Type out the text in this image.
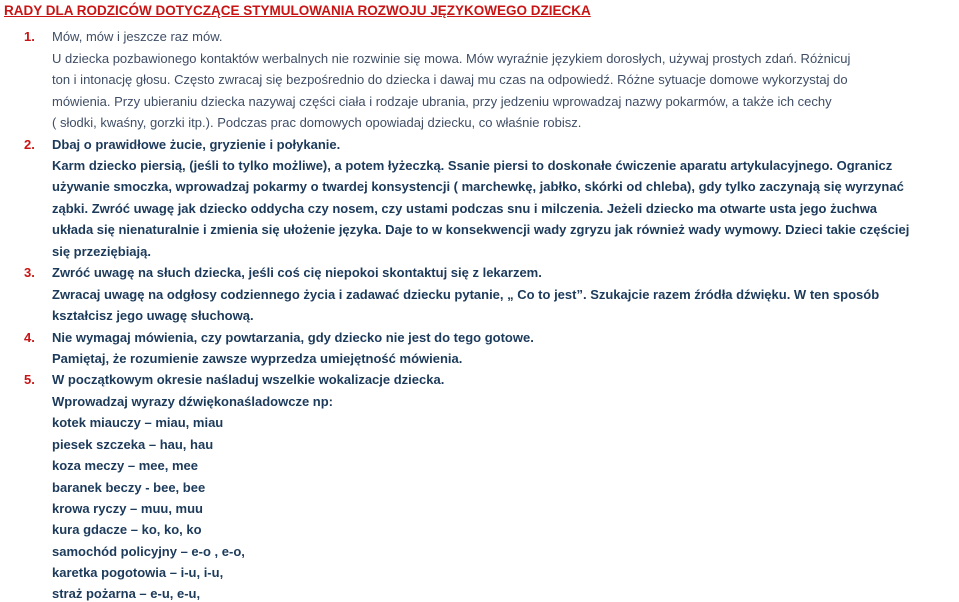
RADY DLA RODZICÓW DOTYCZĄCE STYMULOWANIA ROZWOJU JĘZYKOWEGO DZIECKA
1. Mów, mów i jeszcze raz mów.
U dziecka pozbawionego kontaktów werbalnych nie rozwinie się mowa. Mów wyraźnie językiem dorosłych, używaj prostych zdań. Różnicuj
ton i intonację głosu. Często zwracaj się bezpośrednio do dziecka i dawaj mu czas na odpowiedź. Różne sytuacje domowe wykorzystaj do
mówienia. Przy ubieraniu dziecka nazywaj części ciała i rodzaje ubrania, przy jedzeniu wprowadzaj nazwy pokarmów, a także ich cechy
( słodki, kwaśny, gorzki itp.). Podczas prac domowych opowiadaj dziecku, co właśnie robisz.
2. Dbaj o prawidłowe żucie, gryzienie i połykanie.
Karm dziecko piersią, (jeśli to tylko możliwe), a potem łyżeczką. Ssanie piersi to doskonałe ćwiczenie aparatu artykulacyjnego. Ogranicz
używanie smoczka, wprowadzaj pokarmy o twardej konsystencji ( marchewkę, jabłko, skórki od chleba), gdy tylko zaczynają się wyrzynać
ząbki. Zwróć uwagę jak dziecko oddycha czy nosem, czy ustami podczas snu i milczenia. Jeżeli dziecko ma otwarte usta jego żuchwa
układa się nienaturalnie i zmienia się ułożenie języka. Daje to w konsekwencji wady zgryzu jak również wady wymowy. Dzieci takie częściej
się przeziębiają.
3. Zwróć uwagę na słuch dziecka, jeśli coś cię niepokoi skontaktuj się z lekarzem.
Zwracaj uwagę na odgłosy codziennego życia i zadawać dziecku pytanie, „ Co to jest”. Szukajcie razem źródła dźwięku. W ten sposób
kształcisz jego uwagę słuchową.
4. Nie wymagaj mówienia, czy powtarzania, gdy dziecko nie jest do tego gotowe.
Pamiętaj, że rozumienie zawsze wyprzedza umiejętność mówienia.
5. W początkowym okresie naśladuj wszelkie wokalizacje dziecka.
Wprowadzaj wyrazy dźwiękonaśladowcze np:
kotek miauczy – miau, miau
piesek szczeka – hau, hau
koza meczy – mee, mee
baranek beczy - bee, bee
krowa ryczy – muu, muu
kura gdacze – ko, ko, ko
samochód policyjny – e-o , e-o,
karetka pogotowia – i-u, i-u,
straż pożarna – e-u, e-u,
